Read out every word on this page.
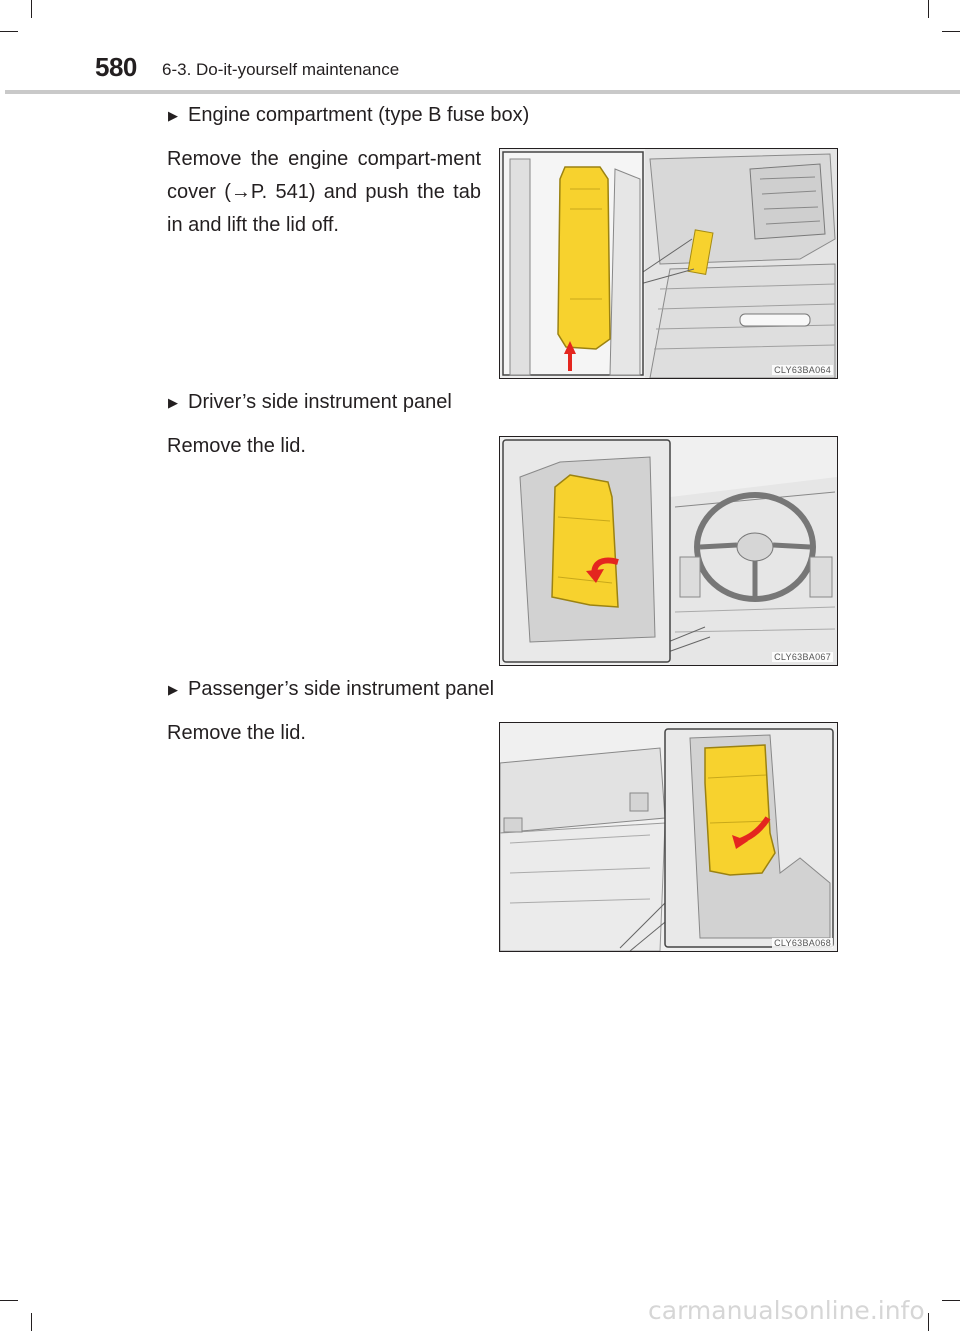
580 6-3. Do-it-yourself maintenance
▶ Engine compartment (type B fuse box)
Remove the engine compart-ment cover (→P. 541) and push the tab in and lift the lid off.
CLY63BA064
▶ Driver’s side instrument panel
Remove the lid.
CLY63BA067
▶ Passenger’s side instrument panel
Remove the lid.
CLY63BA068
carmanualsonline.info
